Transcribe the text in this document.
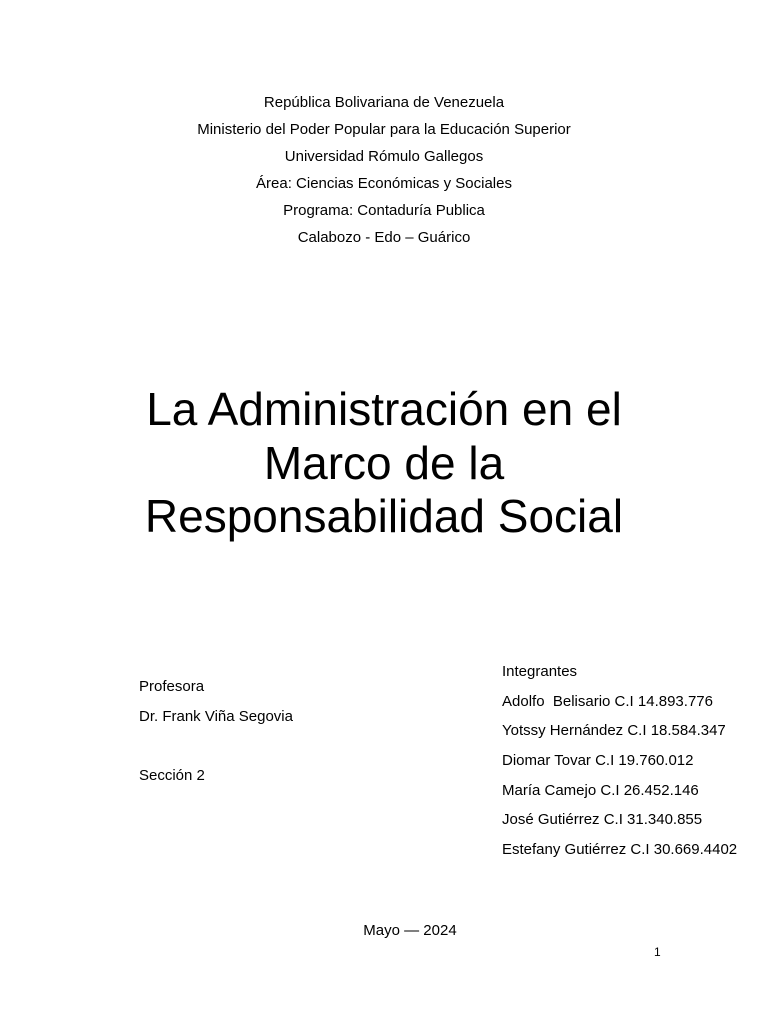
República Bolivariana de Venezuela
Ministerio del Poder Popular para la Educación Superior
Universidad Rómulo Gallegos
Área: Ciencias Económicas y Sociales
Programa: Contaduría Publica
Calabozo - Edo – Guárico
La Administración en el
Marco de la
Responsabilidad Social
Profesora
Dr. Frank Viña Segovia
Sección 2
Integrantes
Adolfo  Belisario C.I 14.893.776
Yotssy Hernández C.I 18.584.347
Diomar Tovar C.I 19.760.012
María Camejo C.I 26.452.146
José Gutiérrez C.I 31.340.855
Estefany Gutiérrez C.I 30.669.4402
Mayo — 2024
1
